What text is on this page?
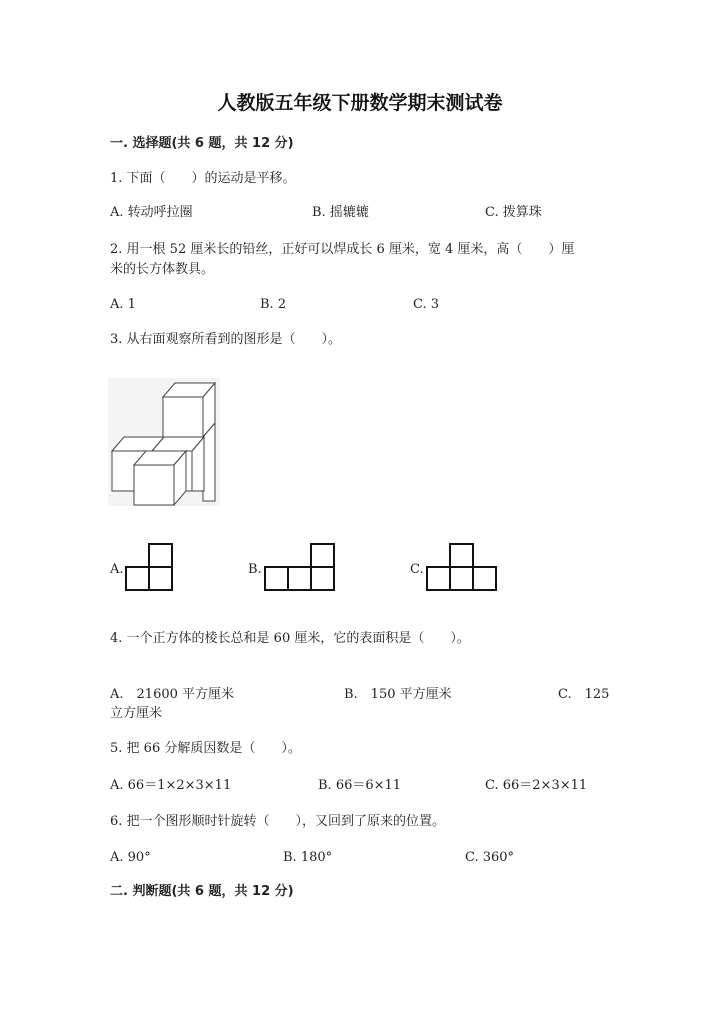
人教版五年级下册数学期末测试卷
一. 选择题(共 6 题，共 12 分)
1. 下面（　　）的运动是平移。
A. 转动呼拉圈	B. 摇辘辘	C. 拨算珠
2. 用一根 52 厘米长的铅丝，正好可以焊成长 6 厘米，宽 4 厘米，高（　　）厘
米的长方体教具。
A. 1	B. 2	C. 3
3. 从右面观察所看到的图形是（　　）。
A.	B.	C.
4. 一个正方体的棱长总和是 60 厘米，它的表面积是（　　）。
A.　21600 平方厘米	B.　150 平方厘米	C.　125
立方厘米
5. 把 66 分解质因数是（　　）。
A. 66＝1×2×3×11	B. 66＝6×11	C. 66＝2×3×11
6. 把一个图形顺时针旋转（　　），又回到了原来的位置。
A. 90°	B. 180°	C. 360°
二. 判断题(共 6 题，共 12 分)
